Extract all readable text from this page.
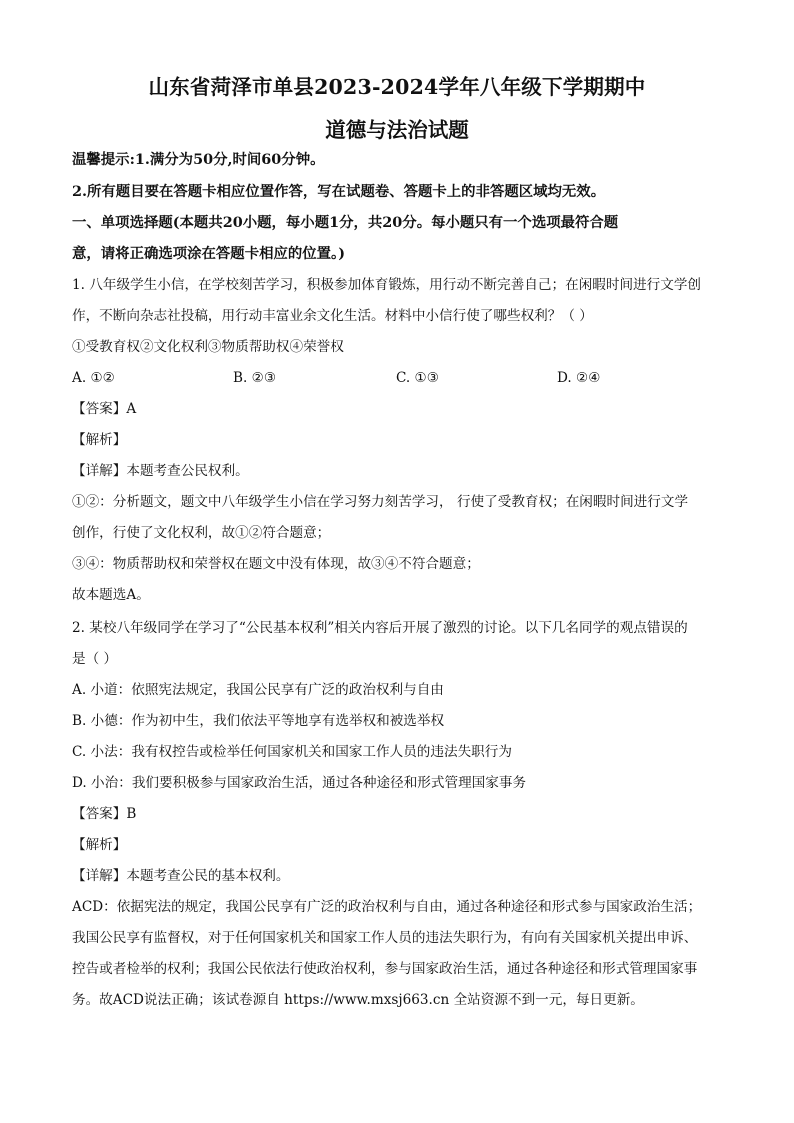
山东省菏泽市单县2023-2024学年八年级下学期期中
道德与法治试题
温馨提示:1.满分为50分,时间60分钟。
2.所有题目要在答题卡相应位置作答，写在试题卷、答题卡上的非答题区域均无效。
一、单项选择题(本题共20小题，每小题1分，共20分。每小题只有一个选项最符合题
意，请将正确选项涂在答题卡相应的位置。)
1. 八年级学生小信，在学校刻苦学习，积极参加体育锻炼，用行动不断完善自己；在闲暇时间进行文学创
作，不断向杂志社投稿，用行动丰富业余文化生活。材料中小信行使了哪些权利？（ ）
①受教育权②文化权利③物质帮助权④荣誉权
A. ①②	B. ②③	C. ①③	D. ②④
【答案】A
【解析】
【详解】本题考查公民权利。
①②：分析题文，题文中八年级学生小信在学习努力刻苦学习， 行使了受教育权；在闲暇时间进行文学
创作，行使了文化权利，故①②符合题意；
③④：物质帮助权和荣誉权在题文中没有体现，故③④不符合题意；
故本题选A。
2. 某校八年级同学在学习了“公民基本权利”相关内容后开展了激烈的讨论。以下几名同学的观点错误的
是（ ）
A. 小道：依照宪法规定，我国公民享有广泛的政治权利与自由
B. 小德：作为初中生，我们依法平等地享有选举权和被选举权
C. 小法：我有权控告或检举任何国家机关和国家工作人员的违法失职行为
D. 小治：我们要积极参与国家政治生活，通过各种途径和形式管理国家事务
【答案】B
【解析】
【详解】本题考查公民的基本权利。
ACD：依据宪法的规定，我国公民享有广泛的政治权利与自由，通过各种途径和形式参与国家政治生活；
我国公民享有监督权，对于任何国家机关和国家工作人员的违法失职行为，有向有关国家机关提出申诉、
控告或者检举的权利；我国公民依法行使政治权利，参与国家政治生活，通过各种途径和形式管理国家事
务。故ACD说法正确；该试卷源自 https://www.mxsj663.cn 全站资源不到一元，每日更新。
